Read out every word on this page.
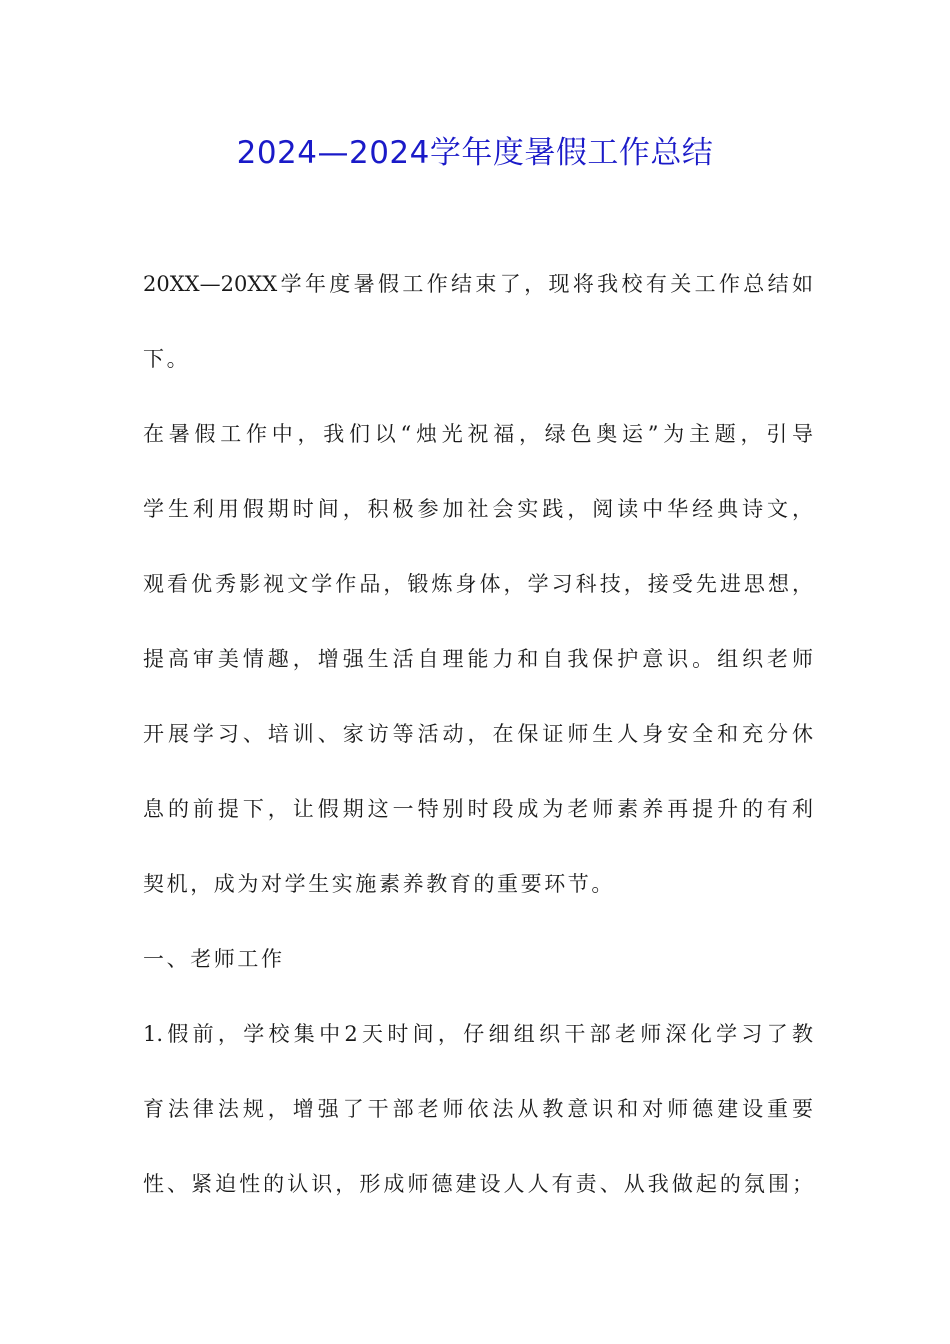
2024—2024学年度暑假工作总结
20XX—20XX学年度暑假工作结束了，现将我校有关工作总结如
下。
在暑假工作中，我们以“烛光祝福，绿色奥运”为主题，引导
学生利用假期时间，积极参加社会实践，阅读中华经典诗文，
观看优秀影视文学作品，锻炼身体，学习科技，接受先进思想，
提高审美情趣，增强生活自理能力和自我保护意识。组织老师
开展学习、培训、家访等活动，在保证师生人身安全和充分休
息的前提下，让假期这一特别时段成为老师素养再提升的有利
契机，成为对学生实施素养教育的重要环节。
一、老师工作
1.假前，学校集中2天时间，仔细组织干部老师深化学习了教
育法律法规，增强了干部老师依法从教意识和对师德建设重要
性、紧迫性的认识，形成师德建设人人有责、从我做起的氛围；
